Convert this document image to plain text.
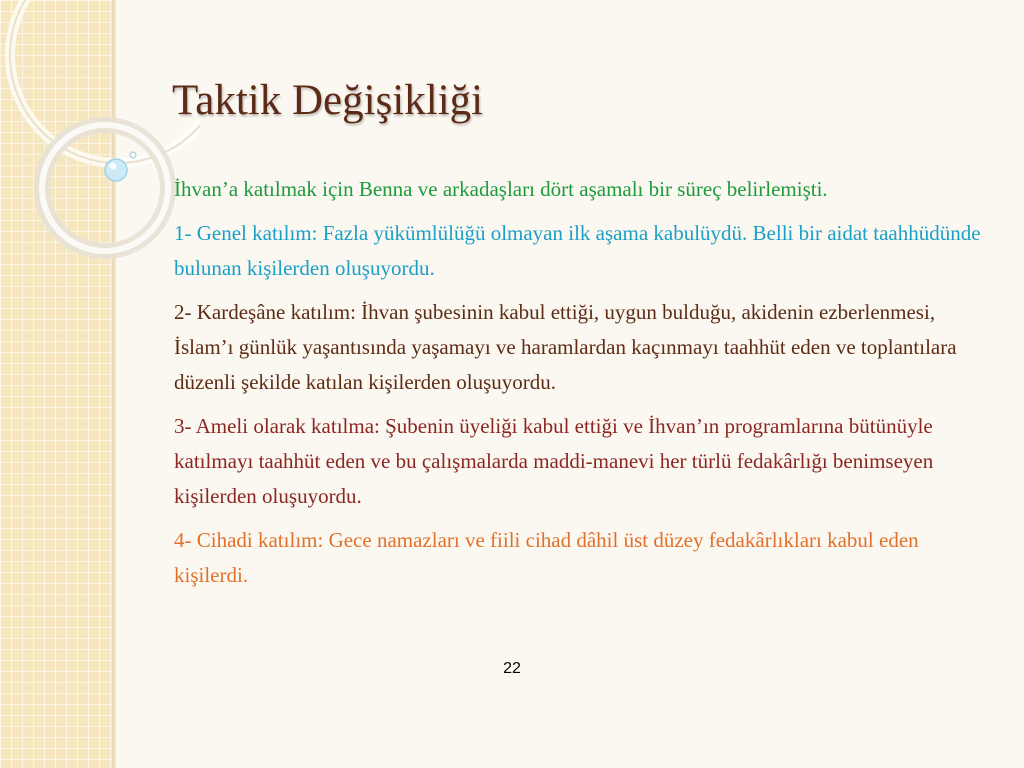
Taktik Değişikliği

İhvan’a katılmak için Benna ve arkadaşları dört aşamalı bir süreç belirlemişti.

1- Genel katılım: Fazla yükümlülüğü olmayan ilk aşama kabulüydü. Belli bir aidat taahhüdünde bulunan kişilerden oluşuyordu.

2- Kardeşâne katılım: İhvan şubesinin kabul ettiği, uygun bulduğu, akidenin ezberlenmesi, İslam’ı günlük yaşantısında yaşamayı ve haramlardan kaçınmayı taahhüt eden ve toplantılara düzenli şekilde katılan kişilerden oluşuyordu.

3- Ameli olarak katılma: Şubenin üyeliği kabul ettiği ve İhvan’ın programlarına bütünüyle katılmayı taahhüt eden ve bu çalışmalarda maddi-manevi her türlü fedakârlığı benimseyen kişilerden oluşuyordu.

4- Cihadi katılım: Gece namazları ve fiili cihad dâhil üst düzey fedakârlıkları kabul eden kişilerdi.

22
